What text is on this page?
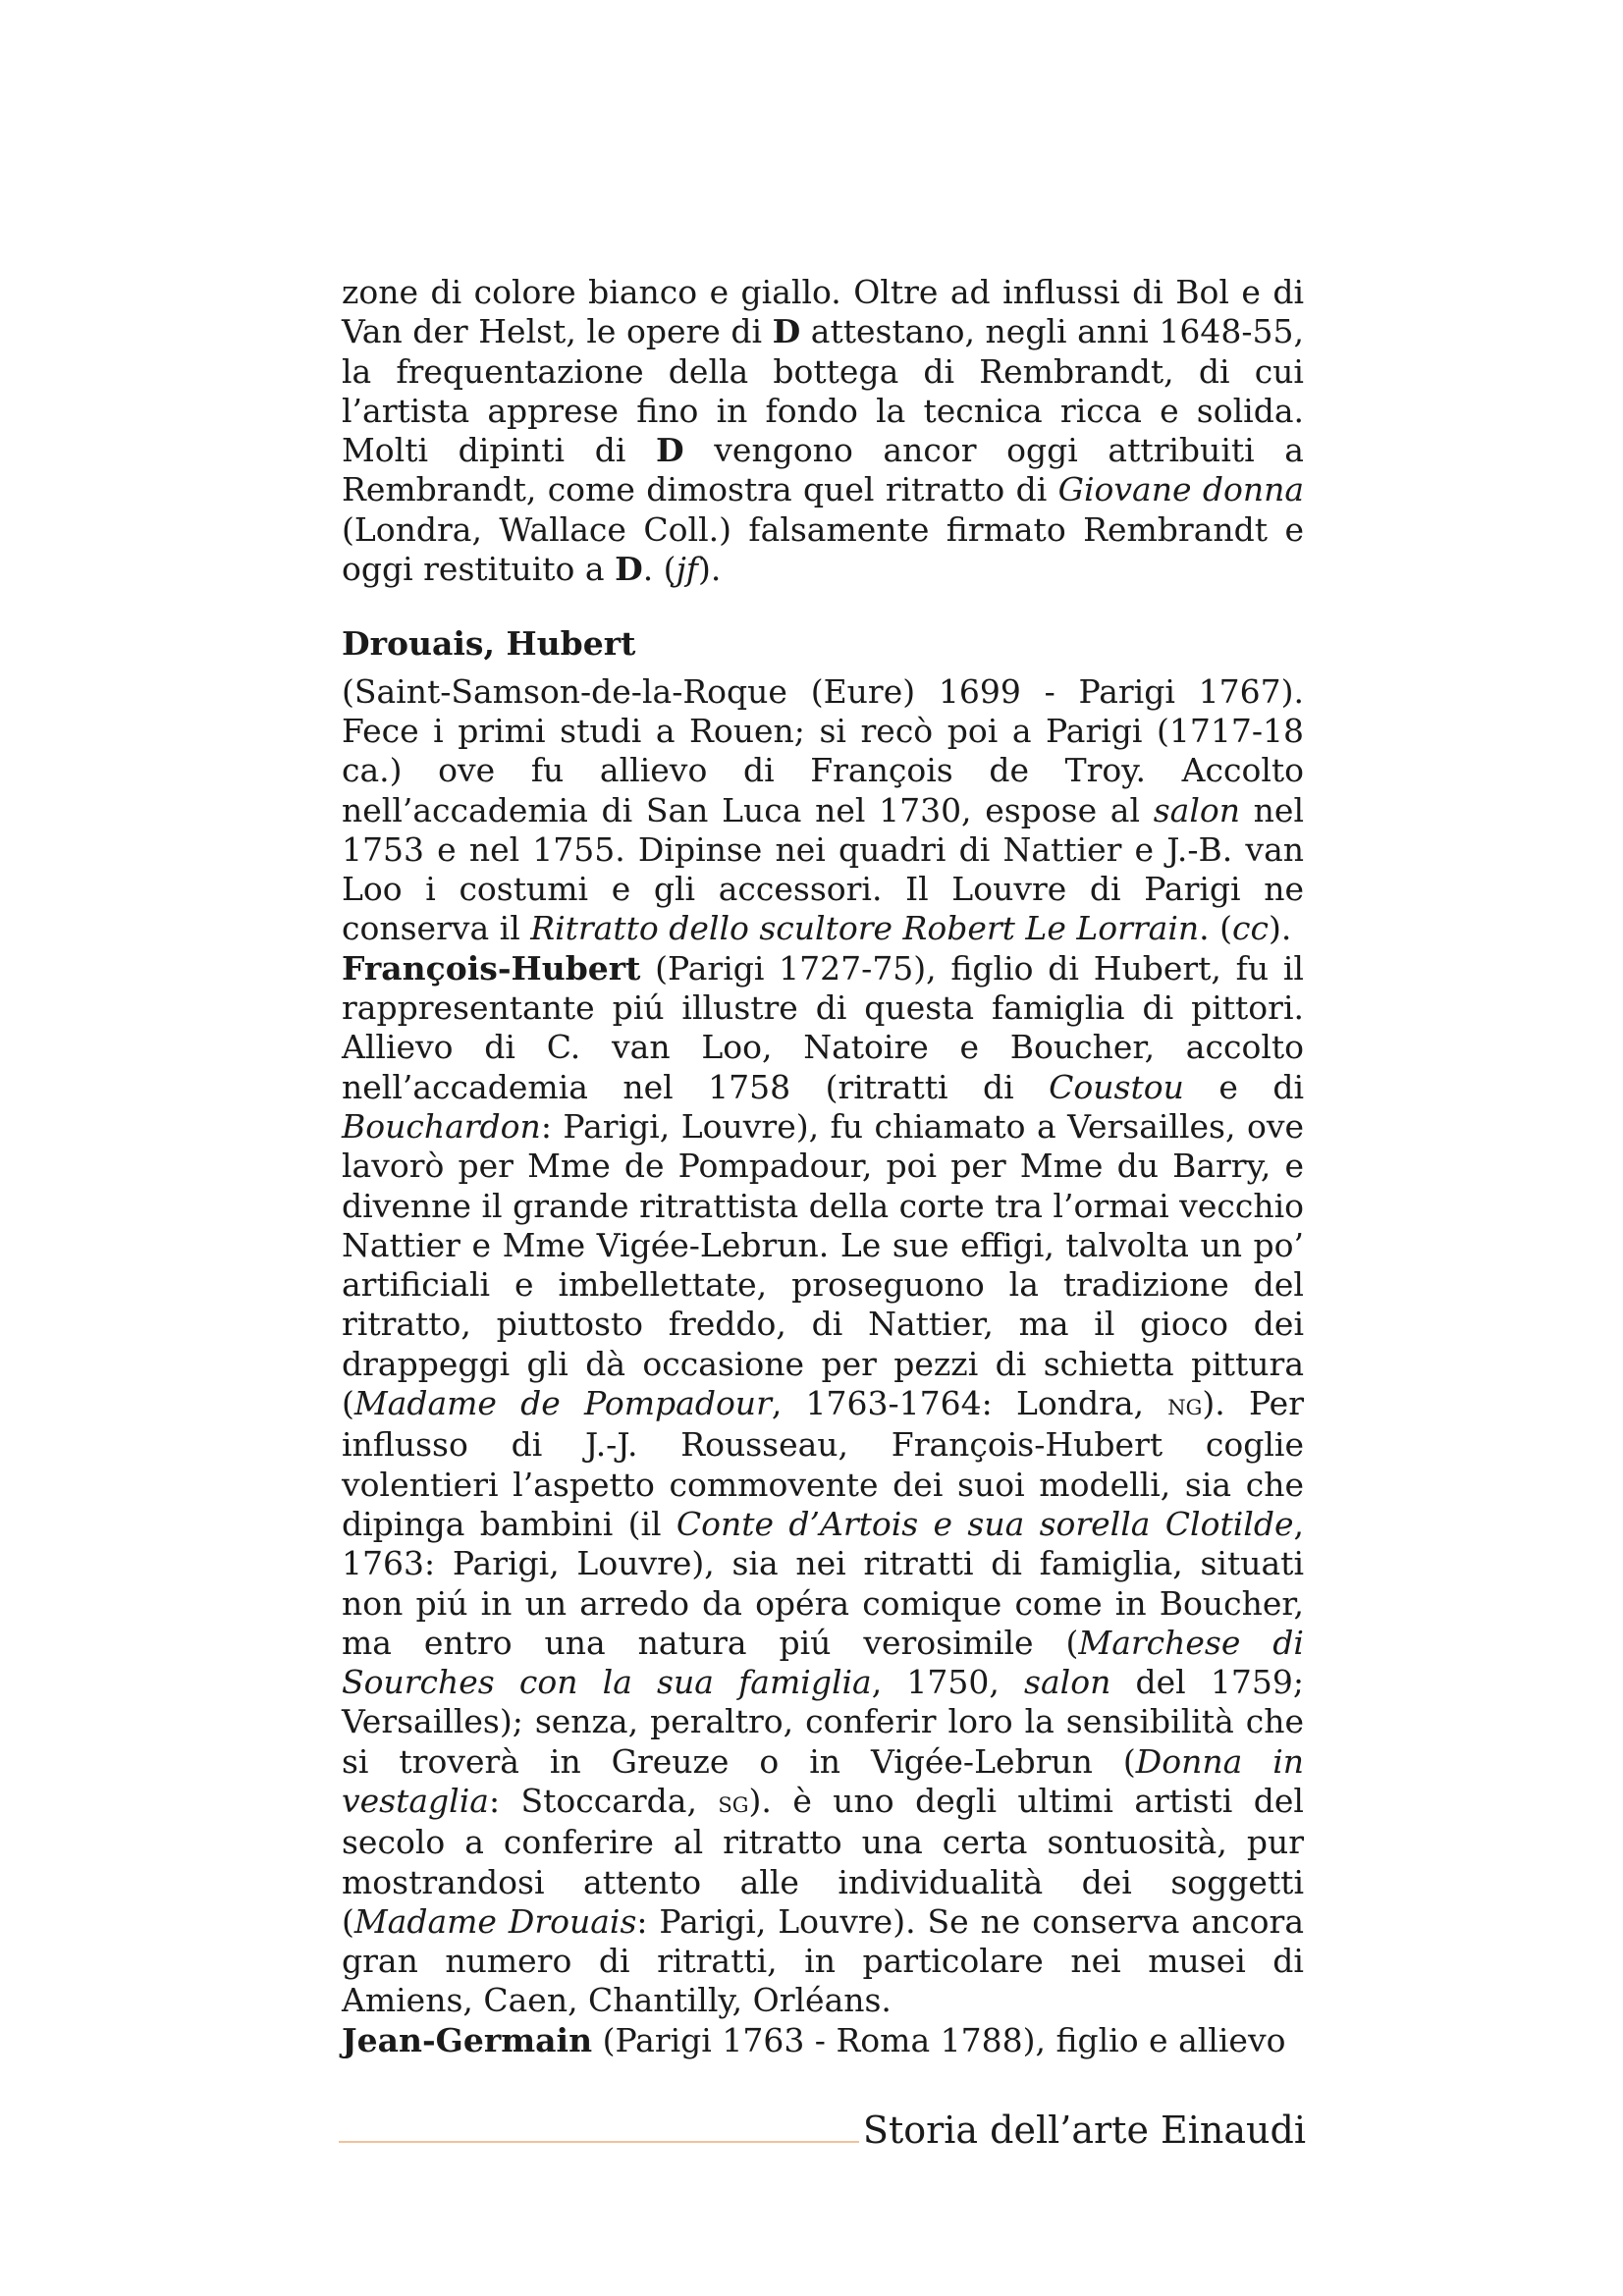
zone di colore bianco e giallo. Oltre ad influssi di Bol e di Van der Helst, le opere di D attestano, negli anni 1648-55, la frequentazione della bottega di Rembrandt, di cui l’artista apprese fino in fondo la tecnica ricca e solida. Molti dipinti di D vengono ancor oggi attribuiti a Rembrandt, come dimostra quel ritratto di Giovane donna (Londra, Wallace Coll.) falsamente firmato Rembrandt e oggi restituito a D. (jf).

Drouais, Hubert

(Saint-Samson-de-la-Roque (Eure) 1699 - Parigi 1767). Fece i primi studi a Rouen; si recò poi a Parigi (1717-18 ca.) ove fu allievo di François de Troy. Accolto nell’accademia di San Luca nel 1730, espose al salon nel 1753 e nel 1755. Dipinse nei quadri di Nattier e J.-B. van Loo i costumi e gli accessori. Il Louvre di Parigi ne conserva il Ritratto dello scultore Robert Le Lorrain. (cc).

François-Hubert (Parigi 1727-75), figlio di Hubert, fu il rappresentante piú illustre di questa famiglia di pittori. Allievo di C. van Loo, Natoire e Boucher, accolto nell’accademia nel 1758 (ritratti di Coustou e di Bouchardon: Parigi, Louvre), fu chiamato a Versailles, ove lavorò per Mme de Pompadour, poi per Mme du Barry, e divenne il grande ritrattista della corte tra l’ormai vecchio Nattier e Mme Vigée-Lebrun. Le sue effigi, talvolta un po’ artificiali e imbellettate, proseguono la tradizione del ritratto, piuttosto freddo, di Nattier, ma il gioco dei drappeggi gli dà occasione per pezzi di schietta pittura (Madame de Pompadour, 1763-1764: Londra, ng). Per influsso di J.-J. Rousseau, François-Hubert coglie volentieri l’aspetto commovente dei suoi modelli, sia che dipinga bambini (il Conte d’Artois e sua sorella Clotilde, 1763: Parigi, Louvre), sia nei ritratti di famiglia, situati non piú in un arredo da opéra comique come in Boucher, ma entro una natura piú verosimile (Marchese di Sourches con la sua famiglia, 1750, salon del 1759; Versailles); senza, peraltro, conferir loro la sensibilità che si troverà in Greuze o in Vigée-Lebrun (Donna in vestaglia: Stoccarda, sg). è uno degli ultimi artisti del secolo a conferire al ritratto una certa sontuosità, pur mostrandosi attento alle individualità dei soggetti (Madame Drouais: Parigi, Louvre). Se ne conserva ancora gran numero di ritratti, in particolare nei musei di Amiens, Caen, Chantilly, Orléans.

Jean-Germain (Parigi 1763 - Roma 1788), figlio e allievo

Storia dell’arte Einaudi
